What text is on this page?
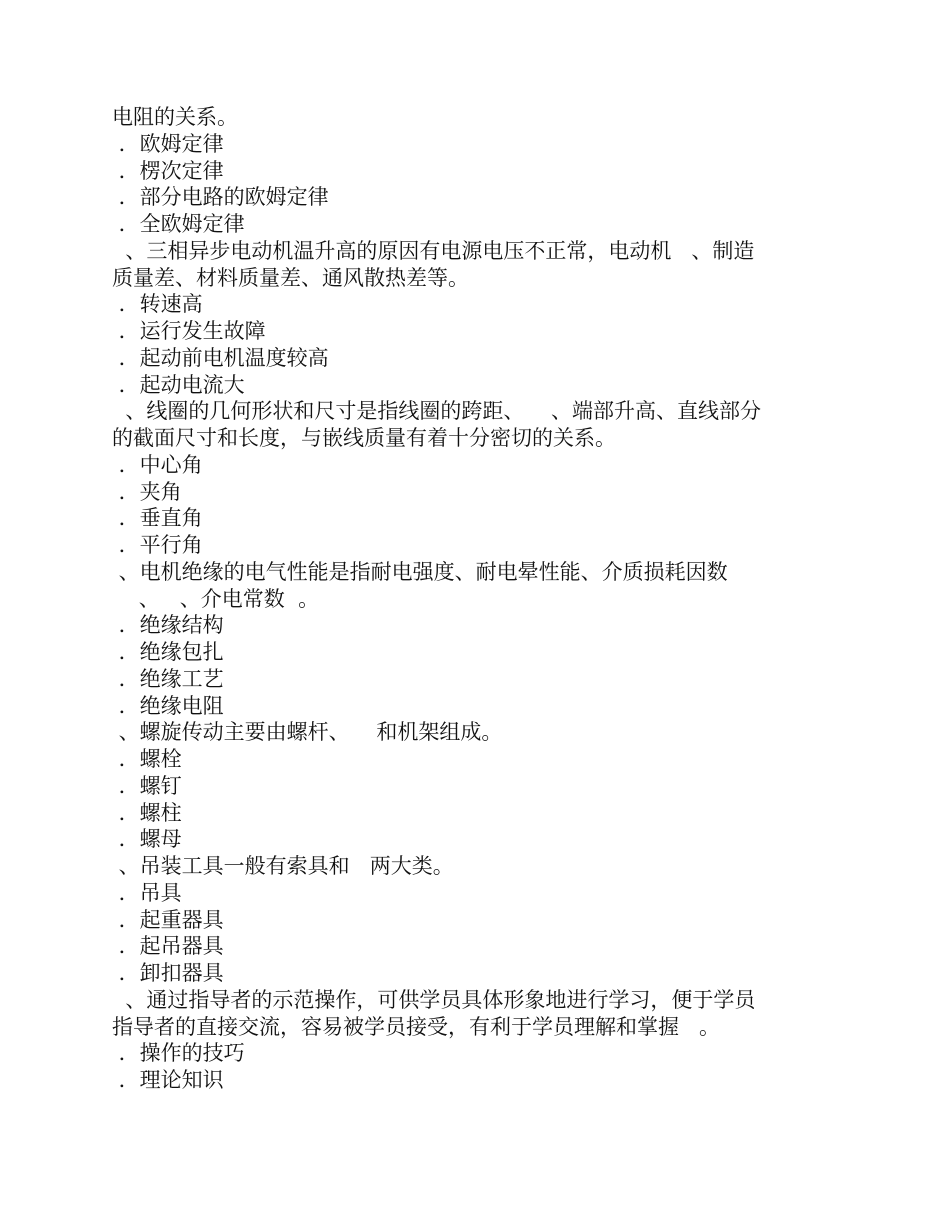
电阻的关系。
．欧姆定律
．楞次定律
．部分电路的欧姆定律
．全欧姆定律
、三相异步电动机温升高的原因有电源电压不正常，电动机   、制造
质量差、材料质量差、通风散热差等。
．转速高
．运行发生故障
．起动前电机温度较高
．起动电流大
、线圈的几何形状和尺寸是指线圈的跨距、    、端部升高、直线部分
的截面尺寸和长度，与嵌线质量有着十分密切的关系。
．中心角
．夹角
．垂直角
．平行角
、电机绝缘的电气性能是指耐电强度、耐电晕性能、介质损耗因数
、   、介电常数  。
．绝缘结构
．绝缘包扎
．绝缘工艺
．绝缘电阻
、螺旋传动主要由螺杆、    和机架组成。
．螺栓
．螺钉
．螺柱
．螺母
、吊装工具一般有索具和   两大类。
．吊具
．起重器具
．起吊器具
．卸扣器具
、通过指导者的示范操作，可供学员具体形象地进行学习，便于学员
指导者的直接交流，容易被学员接受，有利于学员理解和掌握   。
．操作的技巧
．理论知识
